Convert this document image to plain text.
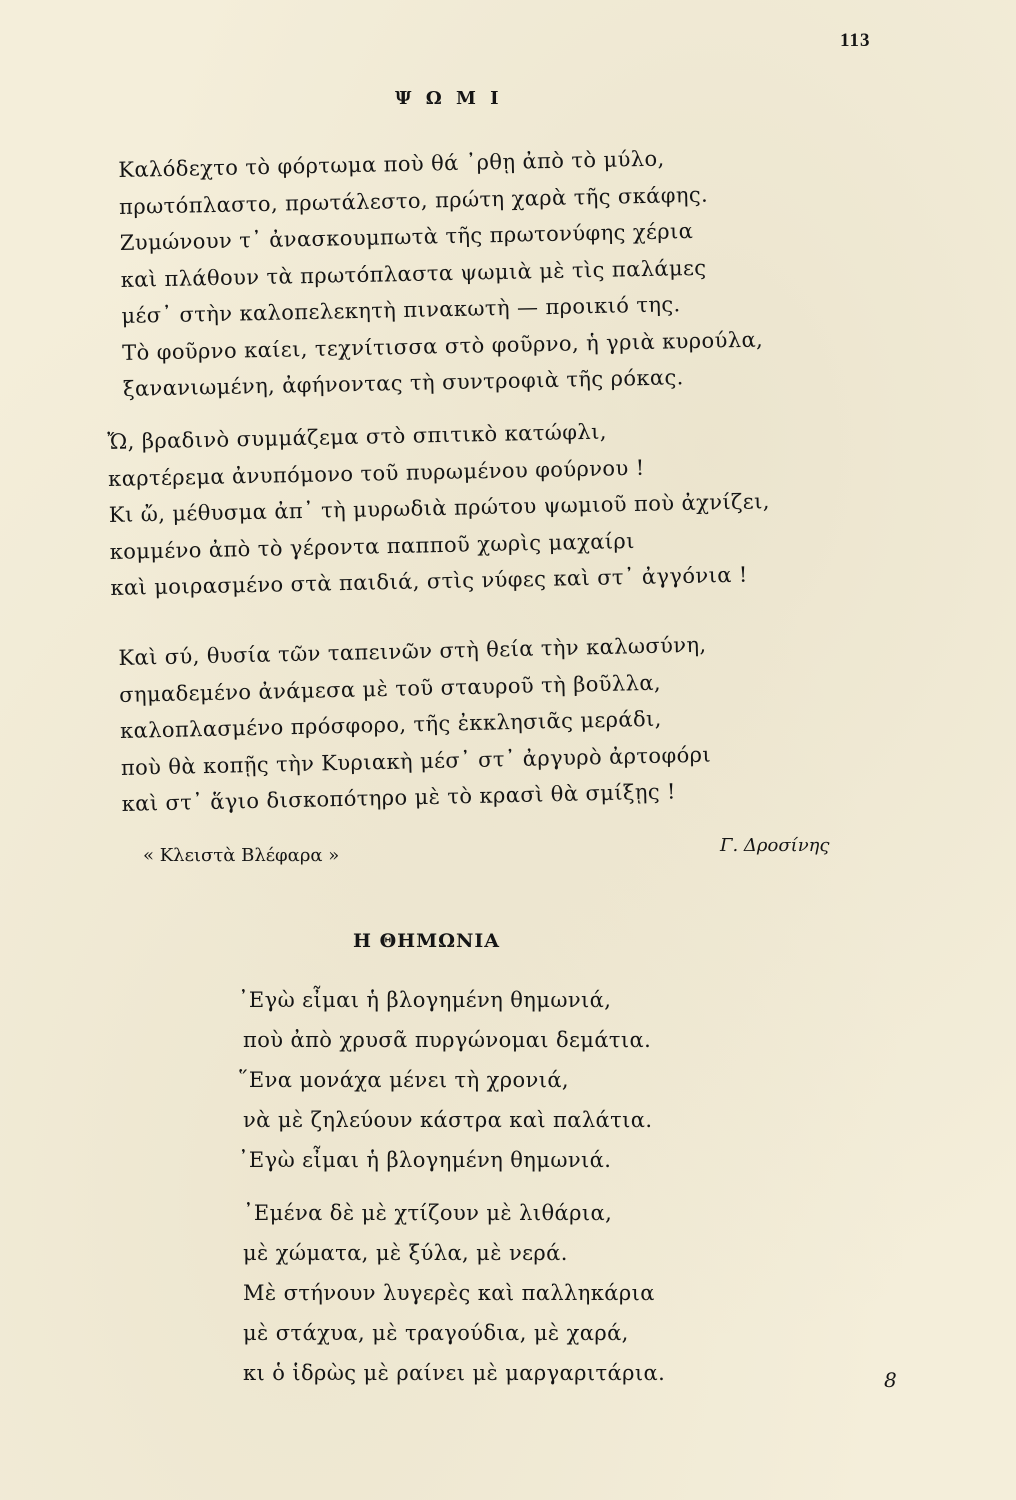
113
Ψ Ω Μ Ι
Καλόδεχτο τὸ φόρτωμα ποὺ θά ᾽ρθῃ ἀπὸ τὸ μύλο,
πρωτόπλαστο, πρωτάλεστο, πρώτη χαρὰ τῆς σκάφης.
Ζυμώνουν τ᾽ ἀνασκουμπωτὰ τῆς πρωτονύφης χέρια
καὶ πλάθουν τὰ πρωτόπλαστα ψωμιὰ μὲ τὶς παλάμες
μέσ᾽ στὴν καλοπελεκητὴ πινακωτὴ — προικιό της.
Τὸ φοῦρνο καίει, τεχνίτισσα στὸ φοῦρνο, ἡ γριὰ κυρούλα,
ξανανιωμένη, ἀφήνοντας τὴ συντροφιὰ τῆς ρόκας.
Ὤ, βραδινὸ συμμάζεμα στὸ σπιτικὸ κατώφλι,
καρτέρεμα ἀνυπόμονο τοῦ πυρωμένου φούρνου !
Κι ὤ, μέθυσμα ἀπ᾽ τὴ μυρωδιὰ πρώτου ψωμιοῦ ποὺ ἀχνίζει,
κομμένο ἀπὸ τὸ γέροντα παπποῦ χωρὶς μαχαίρι
καὶ μοιρασμένο στὰ παιδιά, στὶς νύφες καὶ στ᾽ ἀγγόνια !
Καὶ σύ, θυσία τῶν ταπεινῶν στὴ θεία τὴν καλωσύνη,
σημαδεμένο ἀνάμεσα μὲ τοῦ σταυροῦ τὴ βοῦλλα,
καλοπλασμένο πρόσφορο, τῆς ἐκκλησιᾶς μεράδι,
ποὺ θὰ κοπῇς τὴν Κυριακὴ μέσ᾽ στ᾽ ἀργυρὸ ἀρτοφόρι
καὶ στ᾽ ἅγιο δισκοπότηρο μὲ τὸ κρασὶ θὰ σμίξῃς !
« Κλειστὰ Βλέφαρα »	Γ. Δροσίνης
Η ΘΗΜΩΝΙΑ
᾽Εγὼ εἶμαι ἡ βλογημένη θημωνιά,
ποὺ ἀπὸ χρυσᾶ πυργώνομαι δεμάτια.
῞Ενα μονάχα μένει τὴ χρονιά,
νὰ μὲ ζηλεύουν κάστρα καὶ παλάτια.
᾽Εγὼ εἶμαι ἡ βλογημένη θημωνιά.
᾽Εμένα δὲ μὲ χτίζουν μὲ λιθάρια,
μὲ χώματα, μὲ ξύλα, μὲ νερά.
Μὲ στήνουν λυγερὲς καὶ παλληκάρια
μὲ στάχυα, μὲ τραγούδια, μὲ χαρά,
κι ὁ ἱδρὼς μὲ ραίνει μὲ μαργαριτάρια.	8
